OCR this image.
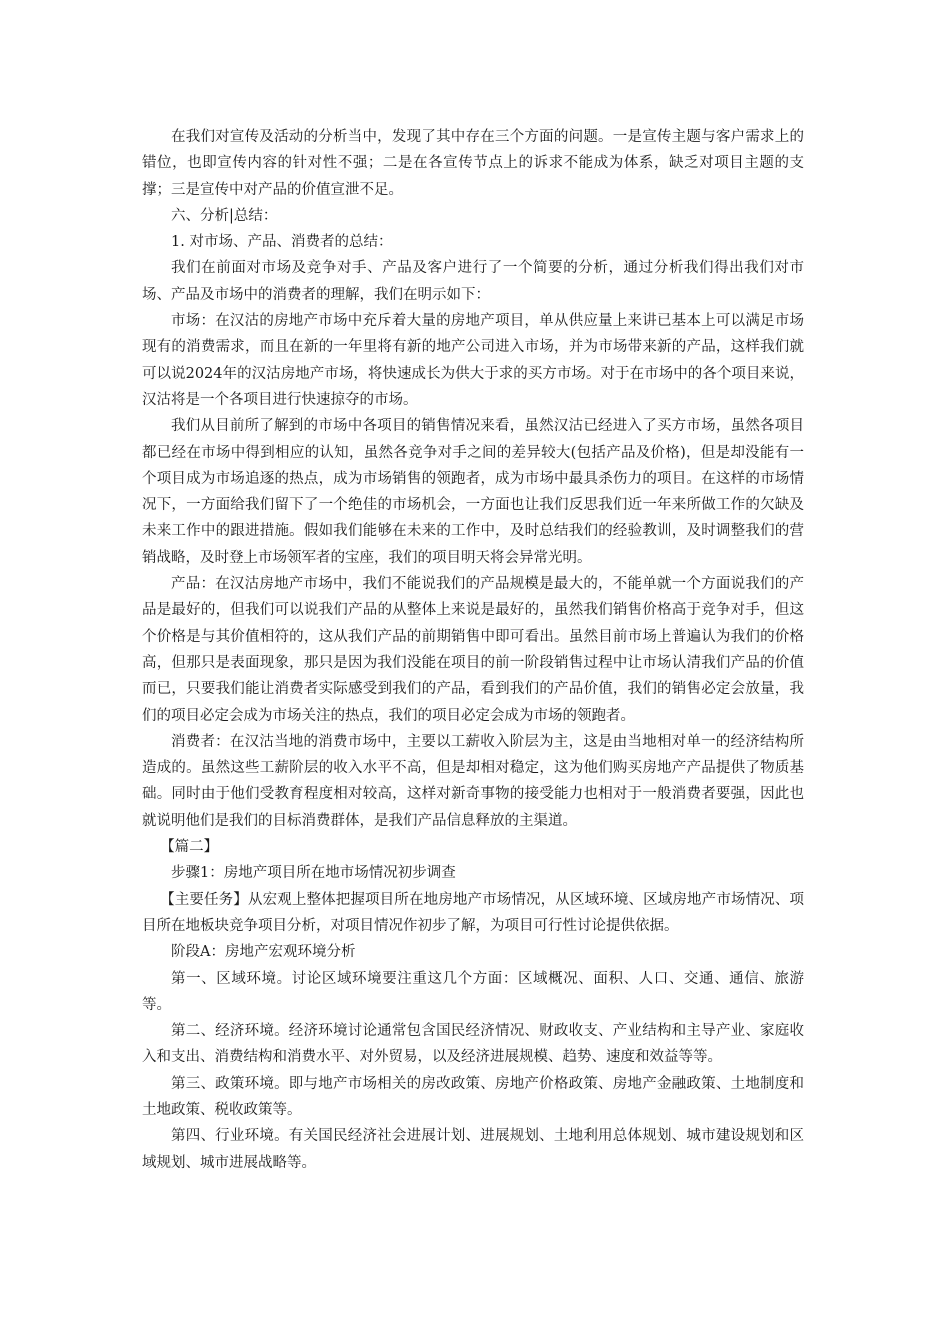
在我们对宣传及活动的分析当中，发现了其中存在三个方面的问题。一是宣传主题与客户需求上的错位，也即宣传内容的针对性不强；二是在各宣传节点上的诉求不能成为体系，缺乏对项目主题的支撑；三是宣传中对产品的价值宣泄不足。

六、分析|总结：

1. 对市场、产品、消费者的总结：

我们在前面对市场及竞争对手、产品及客户进行了一个简要的分析，通过分析我们得出我们对市场、产品及市场中的消费者的理解，我们在明示如下：

市场：在汉沽的房地产市场中充斥着大量的房地产项目，单从供应量上来讲已基本上可以满足市场现有的消费需求，而且在新的一年里将有新的地产公司进入市场，并为市场带来新的产品，这样我们就可以说2024年的汉沽房地产市场，将快速成长为供大于求的买方市场。对于在市场中的各个项目来说，汉沽将是一个各项目进行快速掠夺的市场。

我们从目前所了解到的市场中各项目的销售情况来看，虽然汉沽已经进入了买方市场，虽然各项目都已经在市场中得到相应的认知，虽然各竞争对手之间的差异较大(包括产品及价格)，但是却没能有一个项目成为市场追逐的热点，成为市场销售的领跑者，成为市场中最具杀伤力的项目。在这样的市场情况下，一方面给我们留下了一个绝佳的市场机会，一方面也让我们反思我们近一年来所做工作的欠缺及未来工作中的跟进措施。假如我们能够在未来的工作中，及时总结我们的经验教训，及时调整我们的营销战略，及时登上市场领军者的宝座，我们的项目明天将会异常光明。

产品：在汉沽房地产市场中，我们不能说我们的产品规模是最大的，不能单就一个方面说我们的产品是最好的，但我们可以说我们产品的从整体上来说是最好的，虽然我们销售价格高于竞争对手，但这个价格是与其价值相符的，这从我们产品的前期销售中即可看出。虽然目前市场上普遍认为我们的价格高，但那只是表面现象，那只是因为我们没能在项目的前一阶段销售过程中让市场认清我们产品的价值而已，只要我们能让消费者实际感受到我们的产品，看到我们的产品价值，我们的销售必定会放量，我们的项目必定会成为市场关注的热点，我们的项目必定会成为市场的领跑者。

消费者：在汉沽当地的消费市场中，主要以工薪收入阶层为主，这是由当地相对单一的经济结构所造成的。虽然这些工薪阶层的收入水平不高，但是却相对稳定，这为他们购买房地产产品提供了物质基础。同时由于他们受教育程度相对较高，这样对新奇事物的接受能力也相对于一般消费者要强，因此也就说明他们是我们的目标消费群体，是我们产品信息释放的主渠道。

【篇二】

步骤1：房地产项目所在地市场情况初步调查

【主要任务】从宏观上整体把握项目所在地房地产市场情况，从区域环境、区域房地产市场情况、项目所在地板块竞争项目分析，对项目情况作初步了解，为项目可行性讨论提供依据。

阶段A：房地产宏观环境分析

第一、区域环境。讨论区域环境要注重这几个方面：区域概况、面积、人口、交通、通信、旅游等。

第二、经济环境。经济环境讨论通常包含国民经济情况、财政收支、产业结构和主导产业、家庭收入和支出、消费结构和消费水平、对外贸易，以及经济进展规模、趋势、速度和效益等等。

第三、政策环境。即与地产市场相关的房改政策、房地产价格政策、房地产金融政策、土地制度和土地政策、税收政策等。

第四、行业环境。有关国民经济社会进展计划、进展规划、土地利用总体规划、城市建设规划和区域规划、城市进展战略等。
